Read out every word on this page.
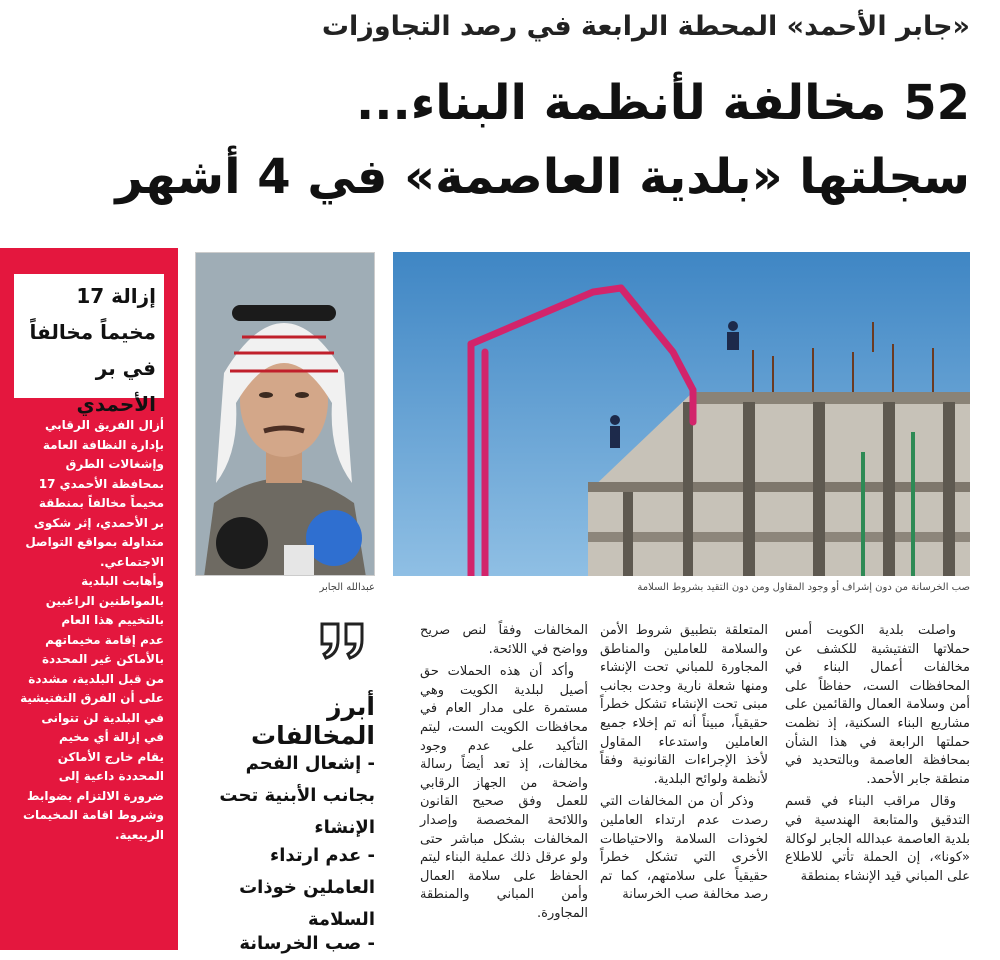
«جابر الأحمد» المحطة الرابعة في رصد التجاوزات
52 مخالفة لأنظمة البناء...
سجلتها «بلدية العاصمة» في 4 أشهر
صب الخرسانة من دون إشراف أو وجود المقاول ومن دون التقيد بشروط السلامة
عبدالله الجابر
إزالة 17
مخيماً مخالفاً
في بر الأحمدي
أزال الفريق الرقابي
بإدارة النظافة العامة
وإشغالات الطرق
بمحافظة الأحمدي 17
مخيماً مخالفاً بمنطقة
بر الأحمدي، إثر شكوى
متداولة بمواقع التواصل
الاجتماعي.
وأهابت البلدية
بالمواطنين الراغبين
بالتخييم هذا العام
عدم إقامة مخيماتهم
بالأماكن غير المحددة
من قبل البلدية، مشددة
على أن الفرق التفتيشية
في البلدية لن تتوانى
في إزالة أي مخيم
يقام خارج الأماكن
المحددة داعية إلى
ضرورة الالتزام بضوابط
وشروط اقامة المخيمات
الربيعية.

واصلت بلدية الكويت أمس حملاتها التفتيشية للكشف عن مخالفات أعمال البناء في المحافظات الست، حفاظاً على أمن وسلامة العمال والقائمين على مشاريع البناء السكنية، إذ نظمت حملتها الرابعة في هذا الشأن بمحافظة العاصمة وبالتحديد في منطقة جابر الأحمد.

وقال مراقب البناء في قسم التدقيق والمتابعة الهندسية في بلدية العاصمة عبدالله الجابر لوكالة «كونا»، إن الحملة تأتي للاطلاع على المباني قيد الإنشاء بمنطقة

المتعلقة بتطبيق شروط الأمن والسلامة للعاملين والمناطق المجاورة للمباني تحت الإنشاء ومنها شعلة نارية وجدت بجانب مبنى تحت الإنشاء تشكل خطراً حقيقياً، مبيناً أنه تم إخلاء جميع العاملين واستدعاء المقاول لأخذ الإجراءات القانونية وفقاً لأنظمة ولوائح البلدية.

وذكر أن من المخالفات التي رصدت عدم ارتداء العاملين لخوذات السلامة والاحتياطات الأخرى التي تشكل خطراً حقيقياً على سلامتهم، كما تم رصد مخالفة صب الخرسانة

المخالفات وفقاً لنص صريح وواضح في اللائحة.

وأكد أن هذه الحملات حق أصيل لبلدية الكويت وهي مستمرة على مدار العام في محافظات الكويت الست، ليتم التأكيد على عدم وجود مخالفات، إذ تعد أيضاً رسالة واضحة من الجهاز الرقابي للعمل وفق صحيح القانون واللائحة المخصصة وإصدار المخالفات بشكل مباشر حتى ولو عرقل ذلك عملية البناء ليتم الحفاظ على سلامة العمال وأمن المباني والمنطقة المجاورة.

أبرز المخالفات
- إشعال الفحم بجانب الأبنية تحت الإنشاء
- عدم ارتداء العاملين خوذات السلامة
- صب الخرسانة
